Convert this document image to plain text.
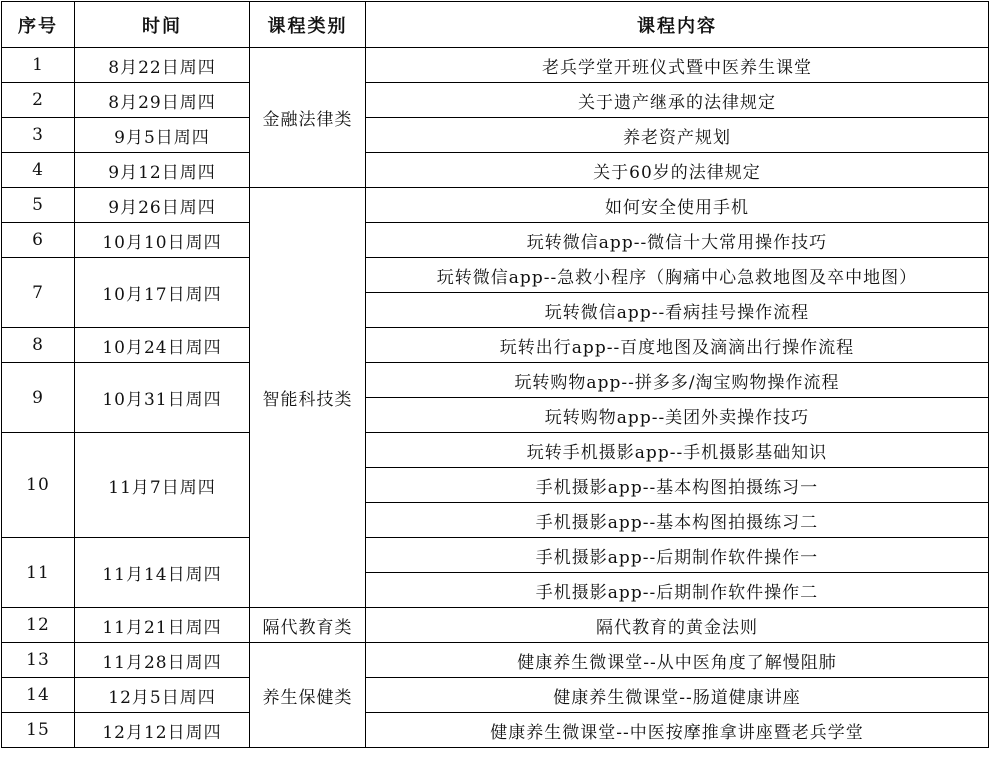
序号	时间	课程类别	课程内容
1	8月22日周四	金融法律类	老兵学堂开班仪式暨中医养生课堂
2	8月29日周四		关于遗产继承的法律规定
3	9月5日周四		养老资产规划
4	9月12日周四		关于60岁的法律规定
5	9月26日周四	智能科技类	如何安全使用手机
6	10月10日周四		玩转微信app--微信十大常用操作技巧
7	10月17日周四		玩转微信app--急救小程序（胸痛中心急救地图及卒中地图）
			玩转微信app--看病挂号操作流程
8	10月24日周四		玩转出行app--百度地图及滴滴出行操作流程
9	10月31日周四		玩转购物app--拼多多/淘宝购物操作流程
			玩转购物app--美团外卖操作技巧
10	11月7日周四		玩转手机摄影app--手机摄影基础知识
			手机摄影app--基本构图拍摄练习一
			手机摄影app--基本构图拍摄练习二
11	11月14日周四		手机摄影app--后期制作软件操作一
			手机摄影app--后期制作软件操作二
12	11月21日周四	隔代教育类	隔代教育的黄金法则
13	11月28日周四	养生保健类	健康养生微课堂--从中医角度了解慢阻肺
14	12月5日周四		健康养生微课堂--肠道健康讲座
15	12月12日周四		健康养生微课堂--中医按摩推拿讲座暨老兵学堂
